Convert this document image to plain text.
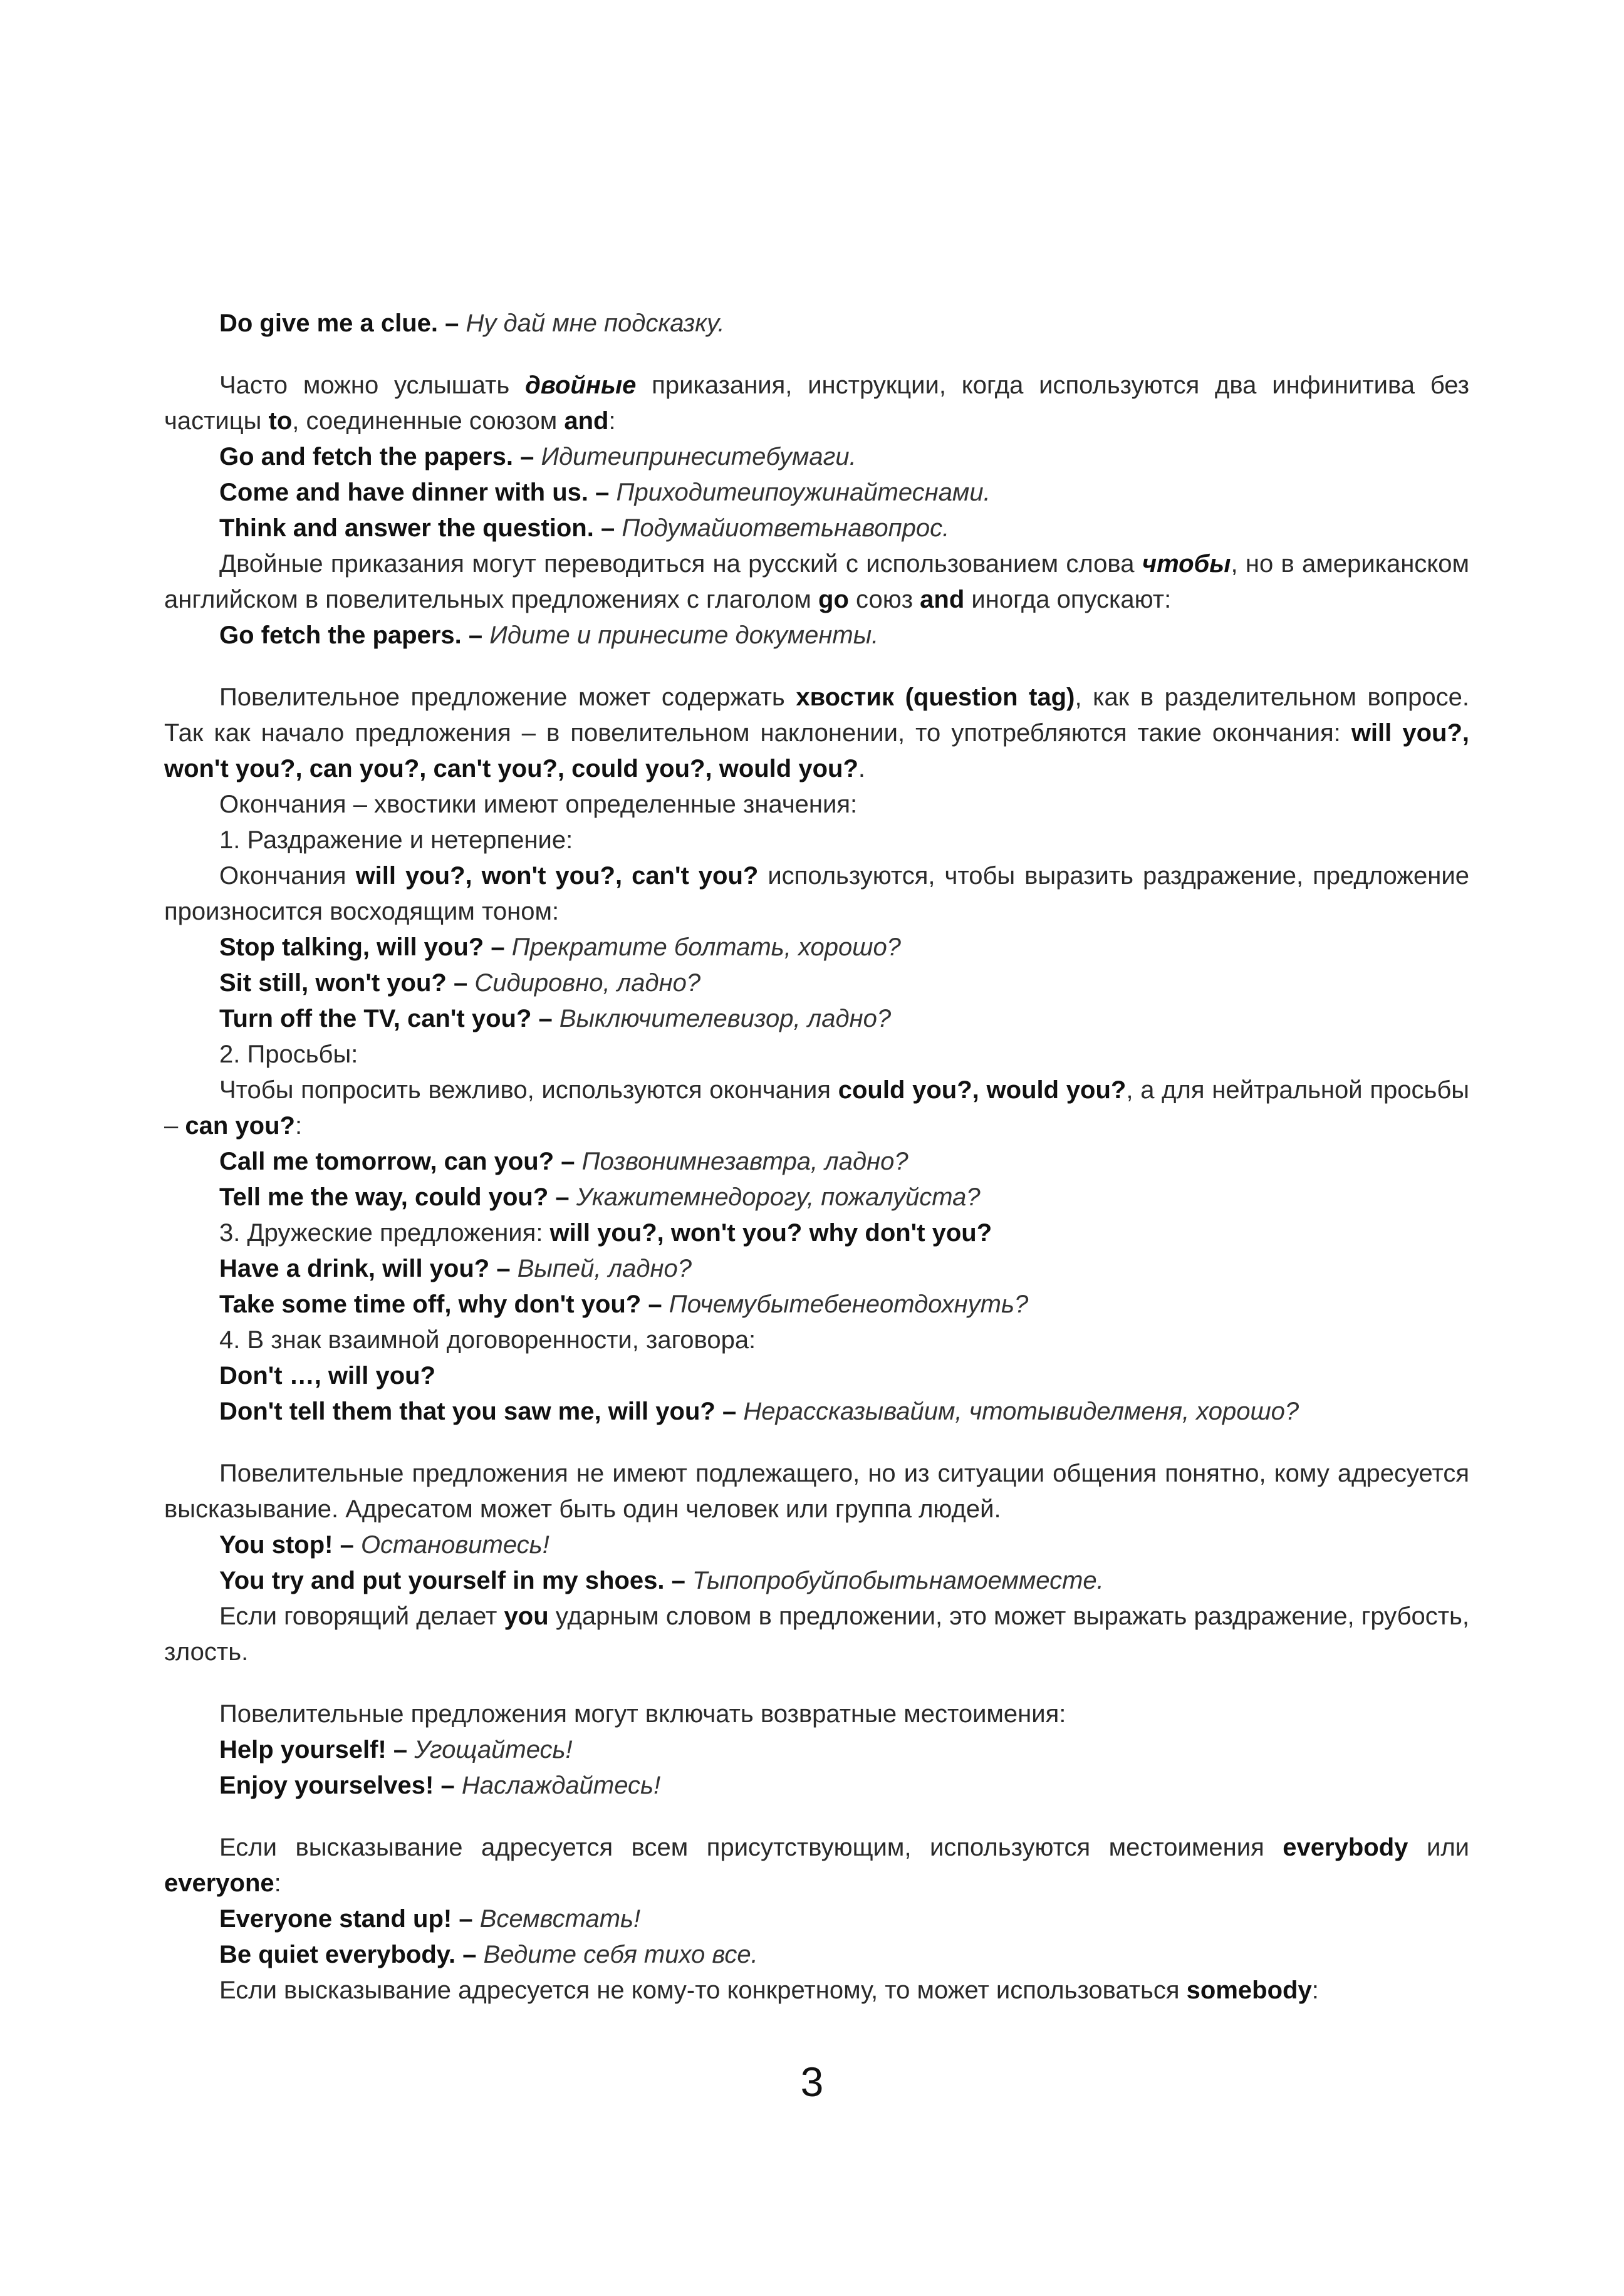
Do give me a clue. – Ну дай мне подсказку.

Часто можно услышать двойные приказания, инструкции, когда используются два инфинитива без частицы to, соединенные союзом and:

Go and fetch the papers. – Идитеипринеситебумаги.

Come and have dinner with us. – Приходитеипоужинайтеснами.

Think and answer the question. – Подумайиответьнавопрос.

Двойные приказания могут переводиться на русский с использованием слова чтобы, но в американском английском в повелительных предложениях с глаголом go союз and иногда опускают:

Go fetch the papers. – Идите и принесите документы.

Повелительное предложение может содержать хвостик (question tag), как в разделительном вопросе. Так как начало предложения – в повелительном наклонении, то употребляются такие окончания: will you?, won't you?, can you?, can't you?, could you?, would you?.

Окончания – хвостики имеют определенные значения:

1. Раздражение и нетерпение:

Окончания will you?, won't you?, can't you? используются, чтобы выразить раздражение, предложение произносится восходящим тоном:

Stop talking, will you? – Прекратите болтать, хорошо?

Sit still, won't you? – Сидировно, ладно?

Turn off the TV, can't you? – Выключителевизор, ладно?

2. Просьбы:

Чтобы попросить вежливо, используются окончания could you?, would you?, а для нейтральной просьбы – can you?:

Call me tomorrow, can you? – Позвонимнезавтра, ладно?

Tell me the way, could you? – Укажитемнедорогу, пожалуйста?

3. Дружеские предложения: will you?, won't you? why don't you?

Have a drink, will you? – Выпей, ладно?

Take some time off, why don't you? – Почемубытебенеотдохнуть?

4. В знак взаимной договоренности, заговора:

Don't …, will you?

Don't tell them that you saw me, will you? – Нерассказывайим, чтотывиделменя, хорошо?

Повелительные предложения не имеют подлежащего, но из ситуации общения понятно, кому адресуется высказывание. Адресатом может быть один человек или группа людей.

You stop! – Остановитесь!

You try and put yourself in my shoes. – Тыпопробуйпобытьнамоемместе.

Если говорящий делает you ударным словом в предложении, это может выражать раздражение, грубость, злость.

Повелительные предложения могут включать возвратные местоимения:

Help yourself! – Угощайтесь!

Enjoy yourselves! – Наслаждайтесь!

Если высказывание адресуется всем присутствующим, используются местоимения everybody или everyone:

Everyone stand up! – Всемвстать!

Be quiet everybody. – Ведите себя тихо все.

Если высказывание адресуется не кому-то конкретному, то может использоваться somebody:

3
